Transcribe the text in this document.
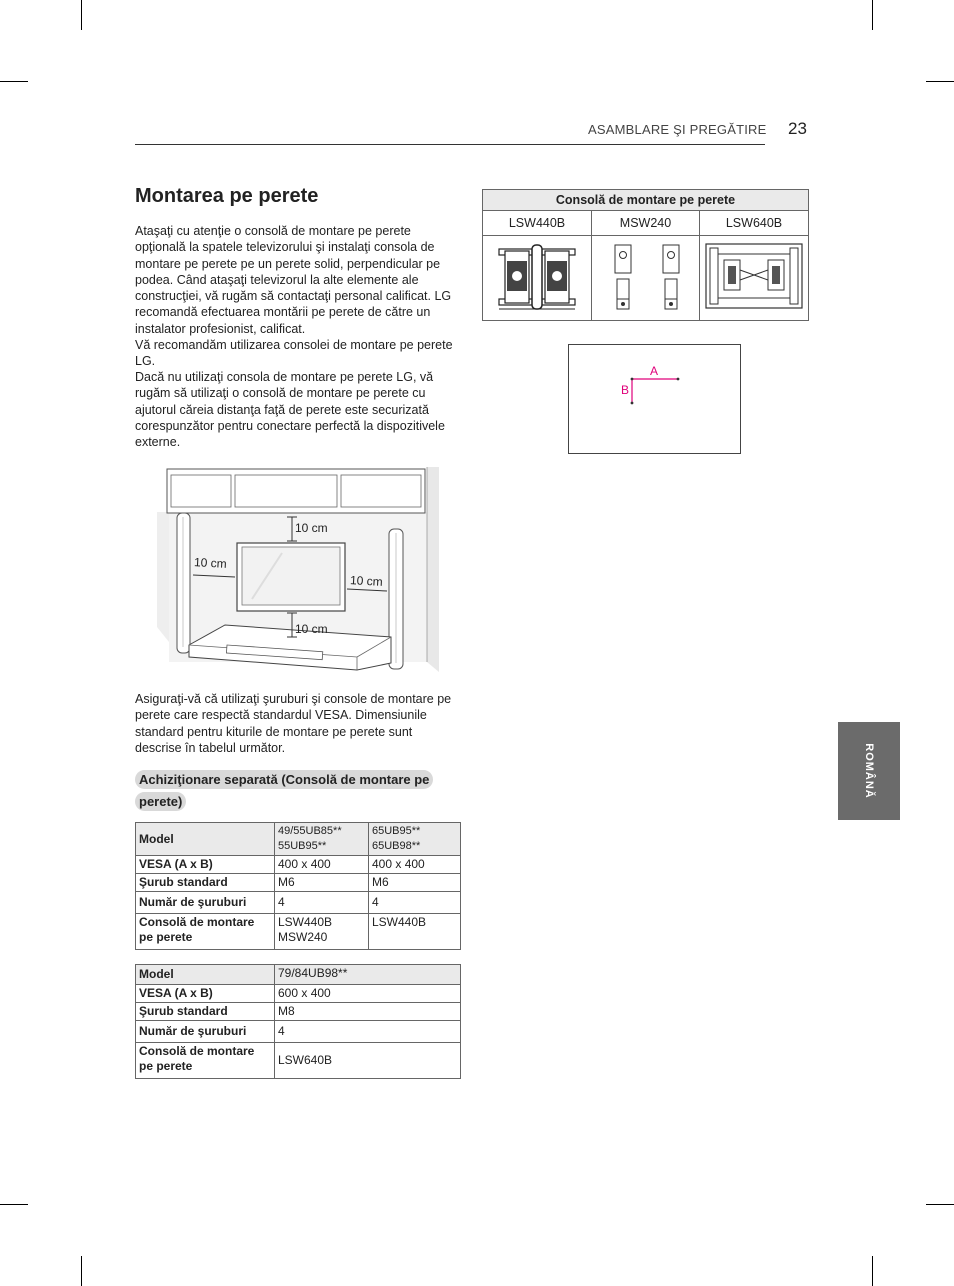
ASAMBLARE ŞI PREGĂTIRE 23
Montarea pe perete

Ataşaţi cu atenţie o consolă de montare pe perete opţională la spatele televizorului şi instalaţi consola de montare pe perete pe un perete solid, perpendicular pe podea. Când ataşaţi televizorul la alte elemente ale construcţiei, vă rugăm să contactaţi personal calificat. LG recomandă efectuarea montării pe perete de către un instalator profesionist, calificat.

Vă recomandăm utilizarea consolei de montare pe perete LG.

Dacă nu utilizaţi consola de montare pe perete LG, vă rugăm să utilizaţi o consolă de montare pe perete cu ajutorul căreia distanţa faţă de perete este securizată corespunzător pentru conectare perfectă la dispozitivele externe.

10 cm
10 cm
10 cm
10 cm

Asiguraţi-vă că utilizaţi şuruburi şi console de montare pe perete care respectă standardul VESA. Dimensiunile standard pentru kiturile de montare pe perete sunt descrise în tabelul următor.

Achiziţionare separată (Consolă de montare pe perete)
Model	49/55UB85** 55UB95**	65UB95** 65UB98**
VESA (A x B)	400 x 400	400 x 400
Şurub standard	M6	M6
Număr de şuruburi	4	4
Consolă de montare pe perete	LSW440B MSW240	LSW440B
Model	79/84UB98**
VESA (A x B)	600 x 400
Şurub standard	M8
Număr de şuruburi	4
Consolă de montare pe perete	LSW640B
Consolă de montare pe perete		
LSW440B	MSW240	LSW640B

A
B
ROMÂNĂ
